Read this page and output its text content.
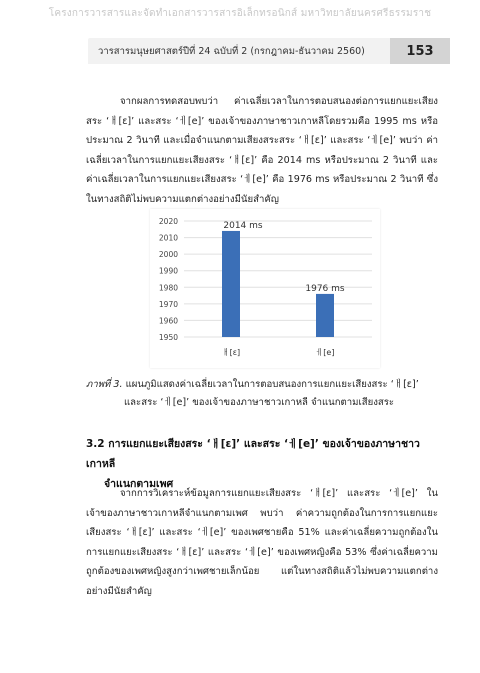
โครงการวารสารและจัดทำเอกสารวารสารอิเล็กทรอนิกส์ มหาวิทยาลัยนครศรีธรรมราช
วารสารมนุษยศาสตร์ปีที่ 24 ฉบับที่ 2 (กรกฎาคม-ธันวาคม 2560)	153

จากผลการทดสอบพบว่า ค่าเฉลี่ยเวลาในการตอบสนองต่อการแยกแยะเสียงสระ ‘ㅐ[ɛ]’ และสระ ‘ㅔ[e]’ ของเจ้าของภาษาชาวเกาหลีโดยรวมคือ 1995 ms หรือประมาณ 2 วินาที และเมื่อจำแนกตามเสียงสระสระ ‘ㅐ[ɛ]’ และสระ ‘ㅔ[e]’ พบว่า ค่าเฉลี่ยเวลาในการแยกแยะเสียงสระ ‘ㅐ[ɛ]’ คือ 2014 ms หรือประมาณ 2 วินาที และค่าเฉลี่ยเวลาในการแยกแยะเสียงสระ ‘ㅔ[e]’ คือ 1976 ms หรือประมาณ 2 วินาที ซึ่งในทางสถิติไม่พบความแตกต่างอย่างมีนัยสำคัญ

1950
1960
1970
1980
1990
2000
2010
2020	2014 ms
ㅐ[ɛ]
1976 ms
ㅔ[e]

ภาพที่ 3. แผนภูมิแสดงค่าเฉลี่ยเวลาในการตอบสนองการแยกแยะเสียงสระ ‘ㅐ[ɛ]’
และสระ ‘ㅔ[e]’ ของเจ้าของภาษาชาวเกาหลี จำแนกตามเสียงสระ

3.2 การแยกแยะเสียงสระ ‘ㅐ[ɛ]’ และสระ ‘ㅔ[e]’ ของเจ้าของภาษาชาวเกาหลี
จำแนกตามเพศ

จากการวิเคราะห์ข้อมูลการแยกแยะเสียงสระ ‘ㅐ[ɛ]’ และสระ ‘ㅔ[e]’ ในเจ้าของภาษาชาวเกาหลีจำแนกตามเพศ พบว่า ค่าความถูกต้องในการการแยกแยะเสียงสระ ‘ㅐ[ɛ]’ และสระ ‘ㅔ[e]’ ของเพศชายคือ 51% และค่าเฉลี่ยความถูกต้องในการแยกแยะเสียงสระ ‘ㅐ[ɛ]’ และสระ ‘ㅔ[e]’ ของเพศหญิงคือ 53% ซึ่งค่าเฉลี่ยความถูกต้องของเพศหญิงสูงกว่าเพศชายเล็กน้อย แต่ในทางสถิติแล้วไม่พบความแตกต่างอย่างมีนัยสำคัญ
